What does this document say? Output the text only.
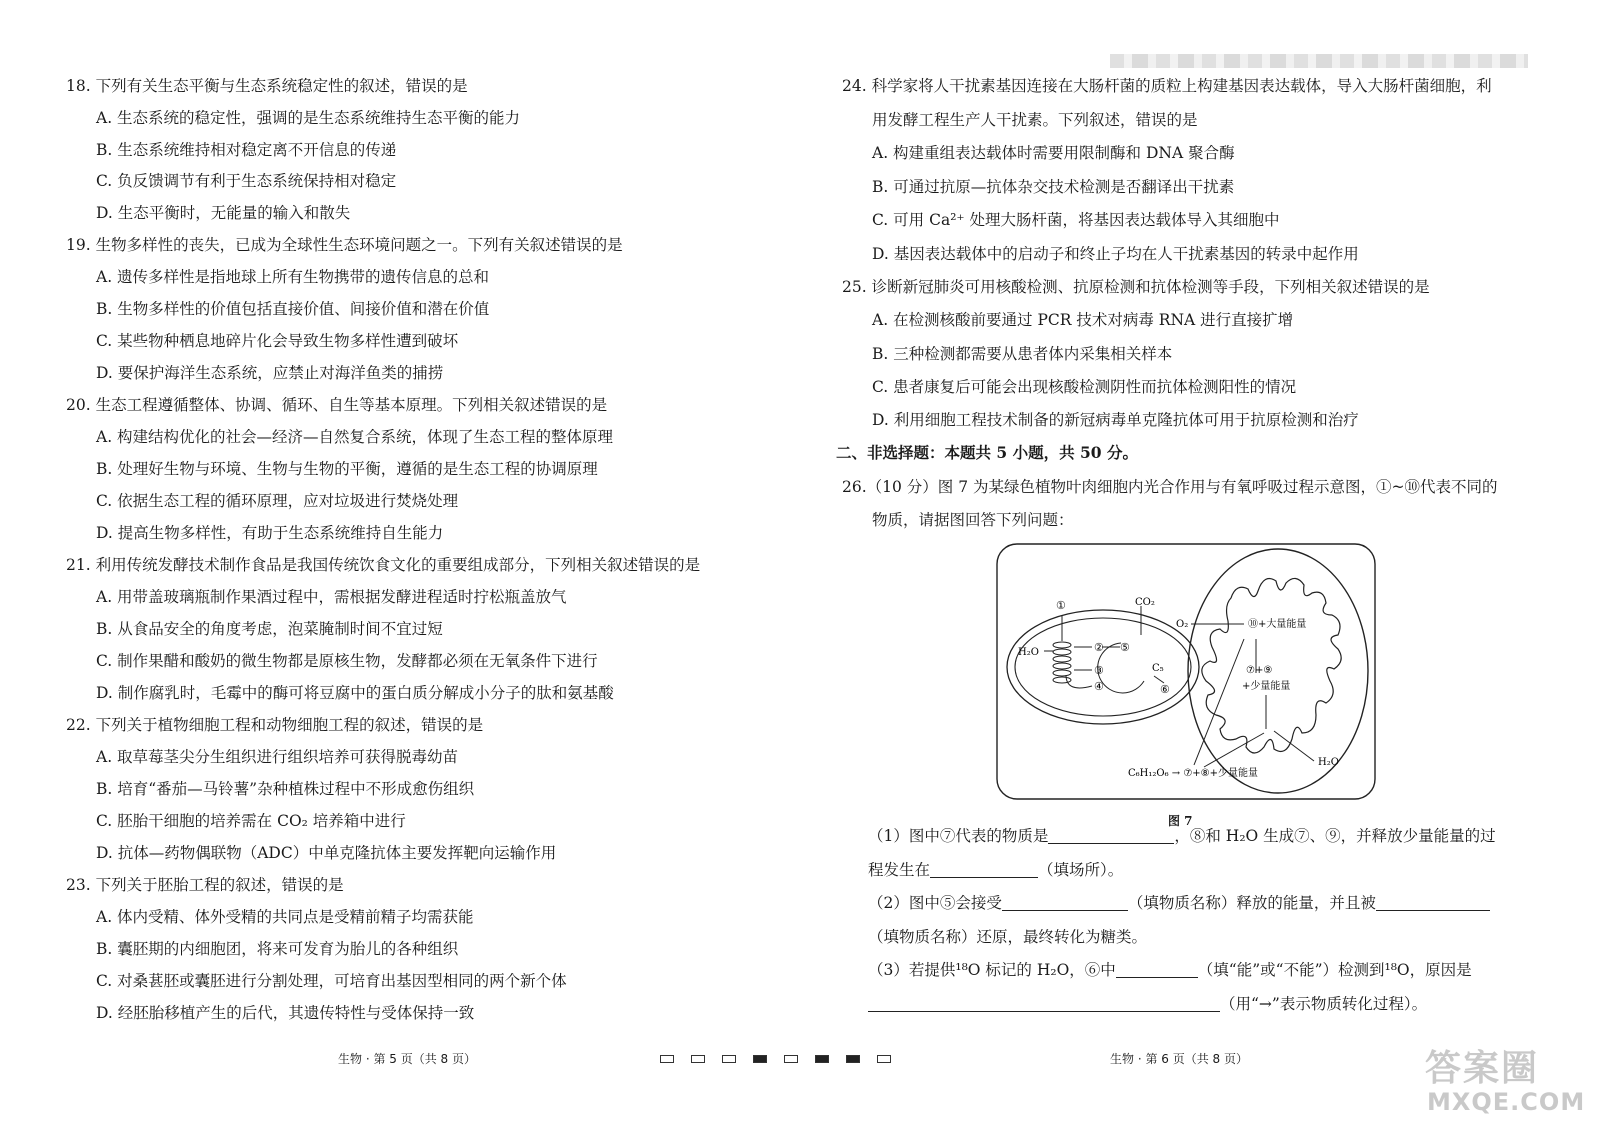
18. 下列有关生态平衡与生态系统稳定性的叙述，错误的是
A. 生态系统的稳定性，强调的是生态系统维持生态平衡的能力
B. 生态系统维持相对稳定离不开信息的传递
C. 负反馈调节有利于生态系统保持相对稳定
D. 生态平衡时，无能量的输入和散失
19. 生物多样性的丧失，已成为全球性生态环境问题之一。下列有关叙述错误的是
A. 遗传多样性是指地球上所有生物携带的遗传信息的总和
B. 生物多样性的价值包括直接价值、间接价值和潜在价值
C. 某些物种栖息地碎片化会导致生物多样性遭到破坏
D. 要保护海洋生态系统，应禁止对海洋鱼类的捕捞
20. 生态工程遵循整体、协调、循环、自生等基本原理。下列相关叙述错误的是
A. 构建结构优化的社会—经济—自然复合系统，体现了生态工程的整体原理
B. 处理好生物与环境、生物与生物的平衡，遵循的是生态工程的协调原理
C. 依据生态工程的循环原理，应对垃圾进行焚烧处理
D. 提高生物多样性，有助于生态系统维持自生能力
21. 利用传统发酵技术制作食品是我国传统饮食文化的重要组成部分，下列相关叙述错误的是
A. 用带盖玻璃瓶制作果酒过程中，需根据发酵进程适时拧松瓶盖放气
B. 从食品安全的角度考虑，泡菜腌制时间不宜过短
C. 制作果醋和酸奶的微生物都是原核生物，发酵都必须在无氧条件下进行
D. 制作腐乳时，毛霉中的酶可将豆腐中的蛋白质分解成小分子的肽和氨基酸
22. 下列关于植物细胞工程和动物细胞工程的叙述，错误的是
A. 取草莓茎尖分生组织进行组织培养可获得脱毒幼苗
B. 培育“番茄—马铃薯”杂种植株过程中不形成愈伤组织
C. 胚胎干细胞的培养需在 CO₂ 培养箱中进行
D. 抗体—药物偶联物（ADC）中单克隆抗体主要发挥靶向运输作用
23. 下列关于胚胎工程的叙述，错误的是
A. 体内受精、体外受精的共同点是受精前精子均需获能
B. 囊胚期的内细胞团，将来可发育为胎儿的各种组织
C. 对桑葚胚或囊胚进行分割处理，可培育出基因型相同的两个新个体
D. 经胚胎移植产生的后代，其遗传特性与受体保持一致
24. 科学家将人干扰素基因连接在大肠杆菌的质粒上构建基因表达载体，导入大肠杆菌细胞，利
用发酵工程生产人干扰素。下列叙述，错误的是
A. 构建重组表达载体时需要用限制酶和 DNA 聚合酶
B. 可通过抗原—抗体杂交技术检测是否翻译出干扰素
C. 可用 Ca²⁺ 处理大肠杆菌，将基因表达载体导入其细胞中
D. 基因表达载体中的启动子和终止子均在人干扰素基因的转录中起作用
25. 诊断新冠肺炎可用核酸检测、抗原检测和抗体检测等手段，下列相关叙述错误的是
A. 在检测核酸前要通过 PCR 技术对病毒 RNA 进行直接扩增
B. 三种检测都需要从患者体内采集相关样本
C. 患者康复后可能会出现核酸检测阴性而抗体检测阳性的情况
D. 利用细胞工程技术制备的新冠病毒单克隆抗体可用于抗原检测和治疗
二、非选择题：本题共 5 小题，共 50 分。
26.（10 分）图 7 为某绿色植物叶肉细胞内光合作用与有氧呼吸过程示意图，①~⑩代表不同的
物质，请据图回答下列问题：
①
②
③
④
⑤
⑥
H₂O
CO₂
C₅
O₂	⑩+大量能量
⑦+⑨
+少量能量
H₂O
C₆H₁₂O₆ → ⑦+⑧+少量能量
图 7
（1）图中⑦代表的物质是	，⑧和 H₂O 生成⑦、⑨，并释放少量能量的过
程发生在	（填场所）。
（2）图中⑤会接受	（填物质名称）释放的能量，并且被
（填物质名称）还原，最终转化为糖类。
（3）若提供¹⁸O 标记的 H₂O，⑥中	（填“能”或“不能”）检测到¹⁸O，原因是
（用“→”表示物质转化过程）。
生物 · 第 5 页（共 8 页）	生物 · 第 6 页（共 8 页）	答案圈
MXQE.COM
